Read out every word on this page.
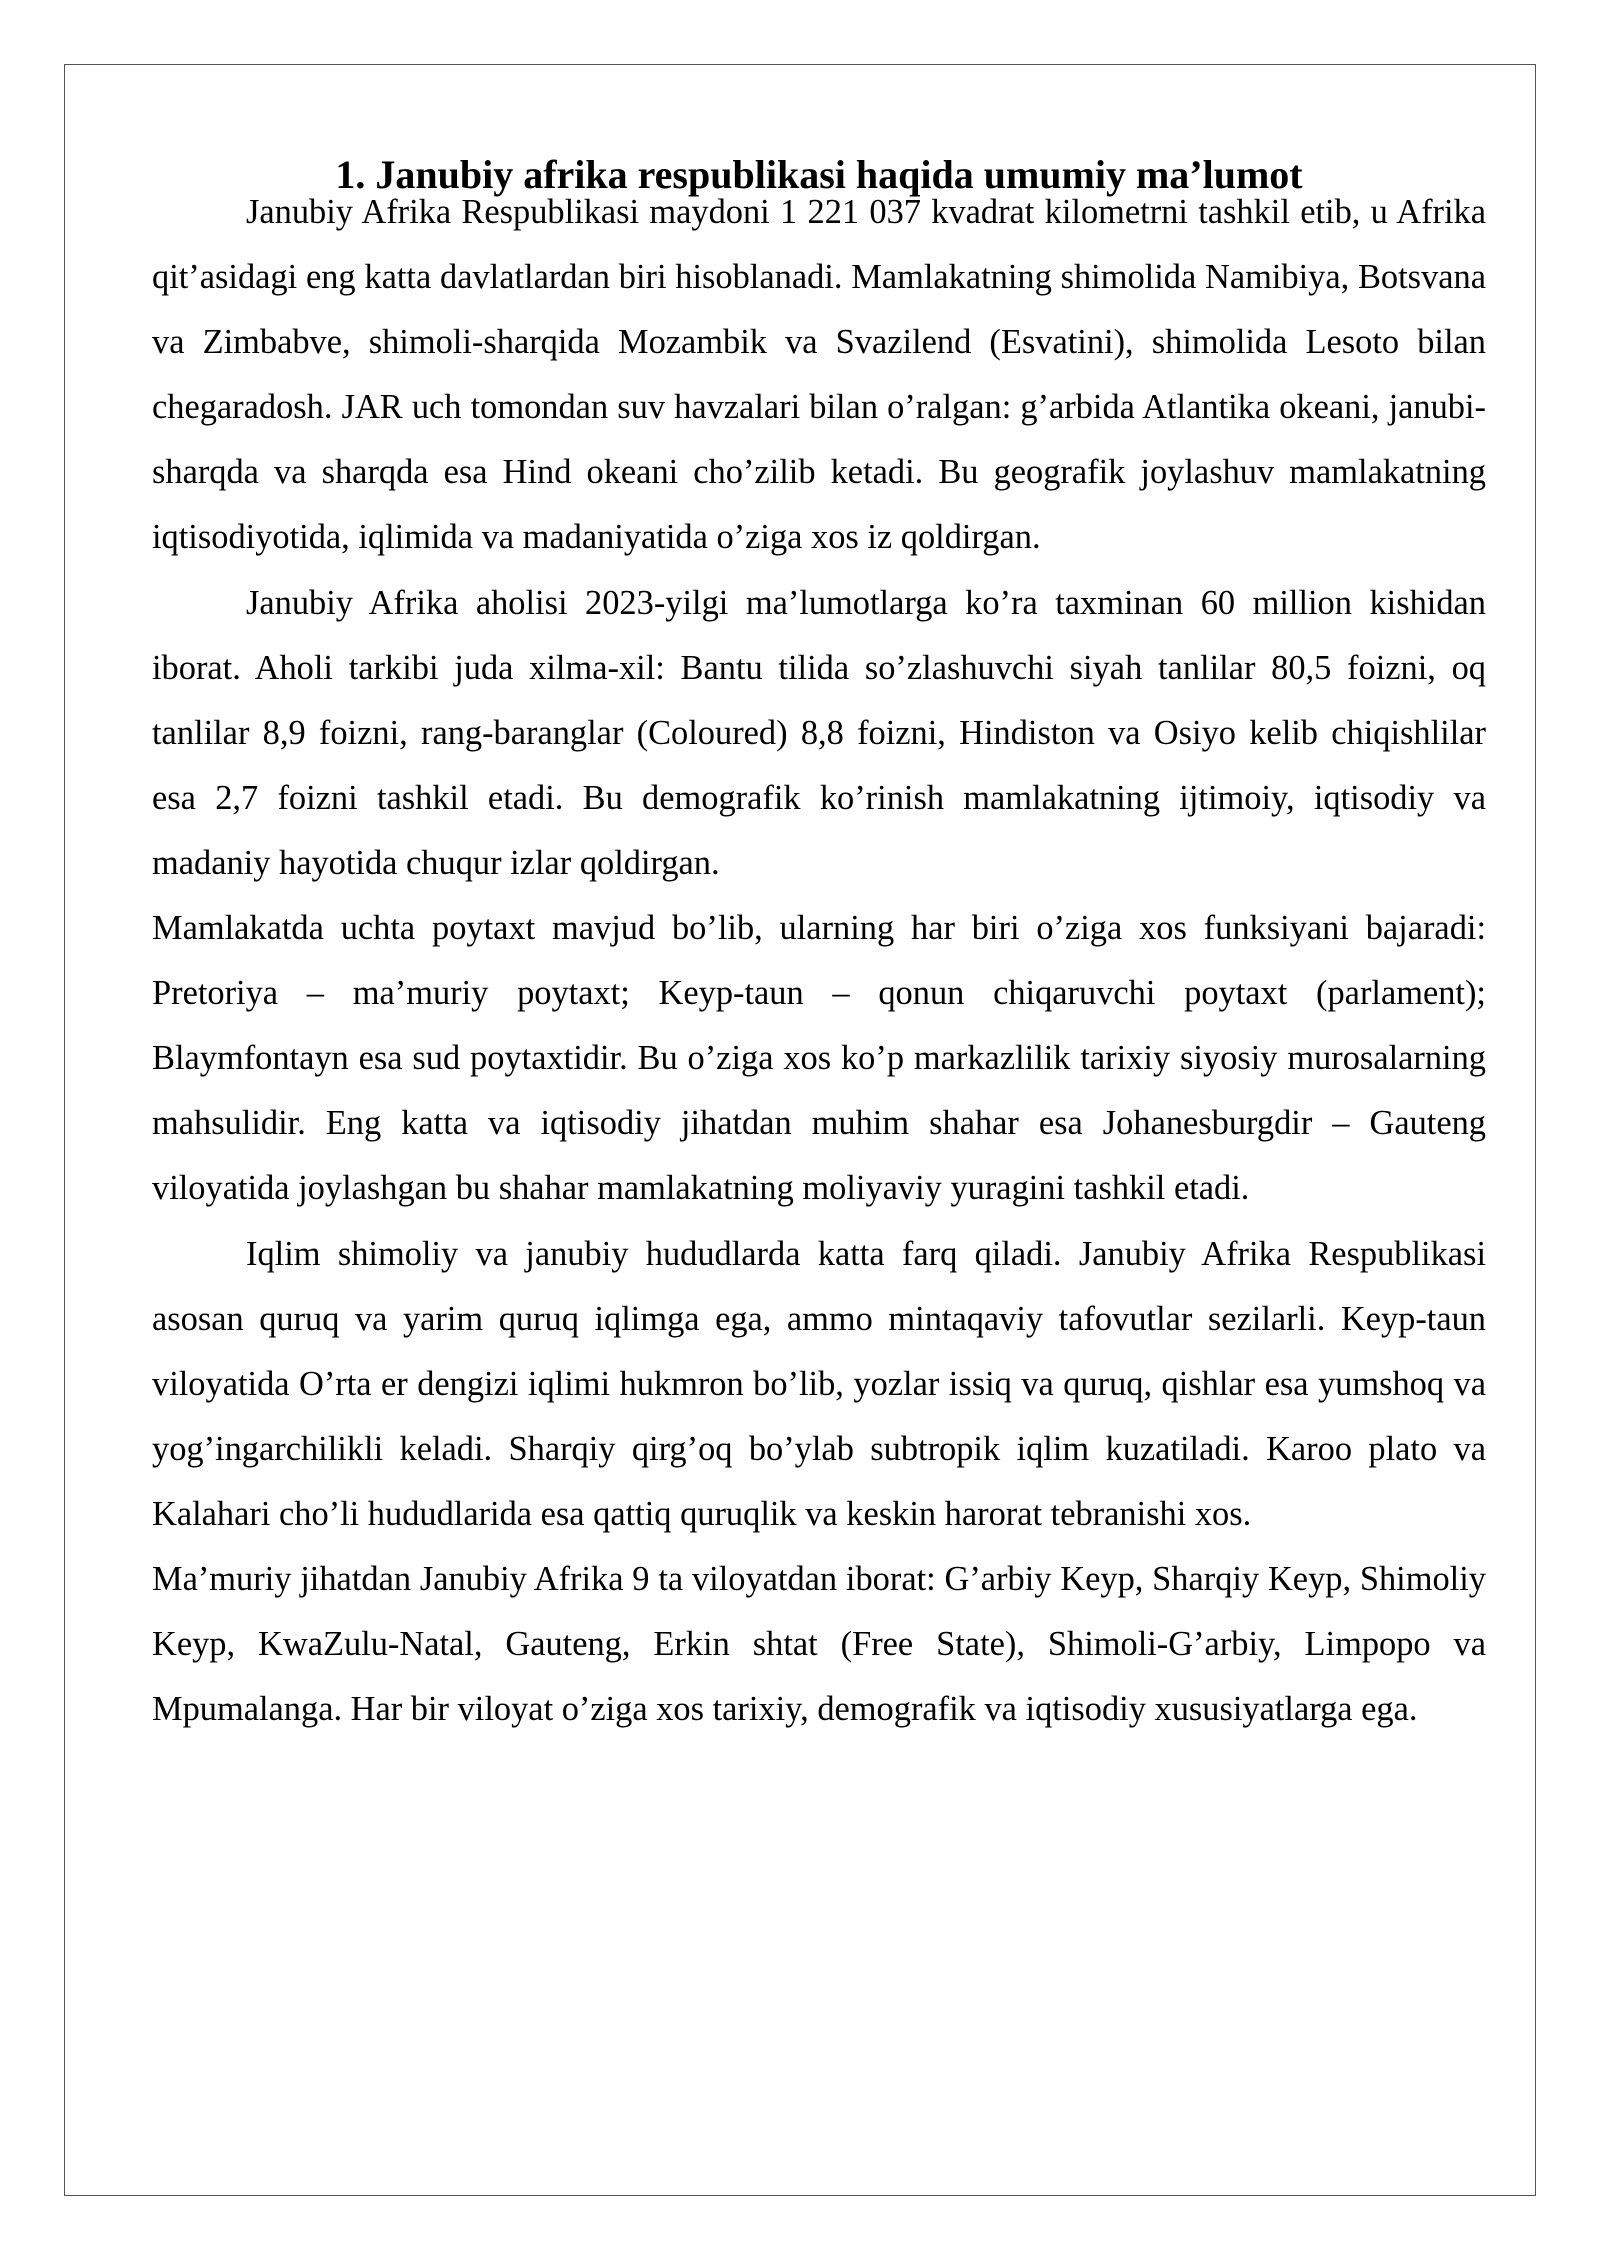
1. Janubiy afrika respublikasi haqida umumiy ma’lumot

Janubiy Afrika Respublikasi maydoni 1 221 037 kvadrat kilometrni tashkil etib, u Afrika qit’asidagi eng katta davlatlardan biri hisoblanadi. Mamlakatning shimolida Namibiya, Botsvana va Zimbabve, shimoli-sharqida Mozambik va Svazilend (Esvatini), shimolida Lesoto bilan chegaradosh. JAR uch tomondan suv havzalari bilan o’ralgan: g’arbida Atlantika okeani, janubi-sharqda va sharqda esa Hind okeani cho’zilib ketadi. Bu geografik joylashuv mamlakatning iqtisodiyotida, iqlimida va madaniyatida o’ziga xos iz qoldirgan.

Janubiy Afrika aholisi 2023-yilgi ma’lumotlarga ko’ra taxminan 60 million kishidan iborat. Aholi tarkibi juda xilma-xil: Bantu tilida so’zlashuvchi siyah tanlilar 80,5 foizni, oq tanlilar 8,9 foizni, rang-baranglar (Coloured) 8,8 foizni, Hindiston va Osiyo kelib chiqishlilar esa 2,7 foizni tashkil etadi. Bu demografik ko’rinish mamlakatning ijtimoiy, iqtisodiy va madaniy hayotida chuqur izlar qoldirgan.

Mamlakatda uchta poytaxt mavjud bo’lib, ularning har biri o’ziga xos funksiyani bajaradi: Pretoriya – ma’muriy poytaxt; Keyp-taun – qonun chiqaruvchi poytaxt (parlament); Blaymfontayn esa sud poytaxtidir. Bu o’ziga xos ko’p markazlilik tarixiy siyosiy murosalarning mahsulidir. Eng katta va iqtisodiy jihatdan muhim shahar esa Johanesburgdir – Gauteng viloyatida joylashgan bu shahar mamlakatning moliyaviy yuragini tashkil etadi.

Iqlim shimoliy va janubiy hududlarda katta farq qiladi. Janubiy Afrika Respublikasi asosan quruq va yarim quruq iqlimga ega, ammo mintaqaviy tafovutlar sezilarli. Keyp-taun viloyatida O’rta er dengizi iqlimi hukmron bo’lib, yozlar issiq va quruq, qishlar esa yumshoq va yog’ingarchilikli keladi. Sharqiy qirg’oq bo’ylab subtropik iqlim kuzatiladi. Karoo plato va Kalahari cho’li hududlarida esa qattiq quruqlik va keskin harorat tebranishi xos.

Ma’muriy jihatdan Janubiy Afrika 9 ta viloyatdan iborat: G’arbiy Keyp, Sharqiy Keyp, Shimoliy Keyp, KwaZulu-Natal, Gauteng, Erkin shtat (Free State), Shimoli-G’arbiy, Limpopo va Mpumalanga. Har bir viloyat o’ziga xos tarixiy, demografik va iqtisodiy xususiyatlarga ega.
